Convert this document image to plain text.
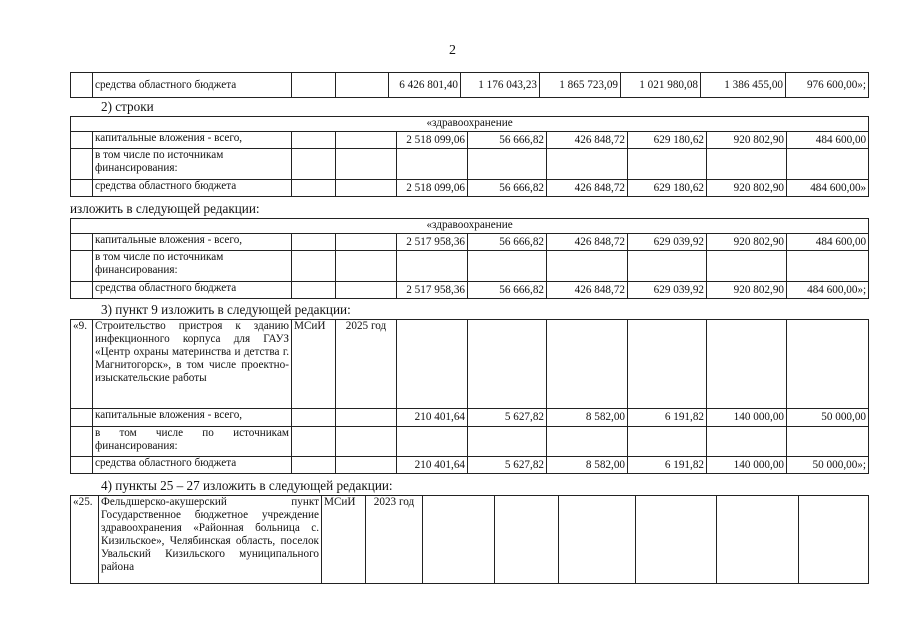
2
	средства областного бюджета			6 426 801,40	1 176 043,23	1 865 723,09	1 021 980,08	1 386 455,00	976 600,00»;
2) строки
«здравоохранение									
	капитальные вложения - всего,			2 518 099,06	56 666,82	426 848,72	629 180,62	920 802,90	484 600,00
	в том числе по источникам финансирования:								
	средства областного бюджета			2 518 099,06	56 666,82	426 848,72	629 180,62	920 802,90	484 600,00»
изложить в следующей редакции:
«здравоохранение									
	капитальные вложения - всего,			2 517 958,36	56 666,82	426 848,72	629 039,92	920 802,90	484 600,00
	в том числе по источникам финансирования:								
	средства областного бюджета			2 517 958,36	56 666,82	426 848,72	629 039,92	920 802,90	484 600,00»;
3) пункт 9 изложить в следующей редакции:
«9.	Строительство пристроя к зданию инфекционного корпуса для ГАУЗ «Центр охраны материнства и детства г. Магнитогорск», в том числе проектно-изыскательские работы	МСиИ	2025 год						
	капитальные вложения - всего,			210 401,64	5 627,82	8 582,00	6 191,82	140 000,00	50 000,00
	в том числе по источникам финансирования:								
	средства областного бюджета			210 401,64	5 627,82	8 582,00	6 191,82	140 000,00	50 000,00»;
4) пункты 25 – 27 изложить в следующей редакции:
«25.	Фельдшерско-акушерский пункт Государственное бюджетное учреждение здравоохранения «Районная больница с. Кизильское», Челябинская область, поселок Увальский Кизильского муниципального района	МСиИ	2023 год						
